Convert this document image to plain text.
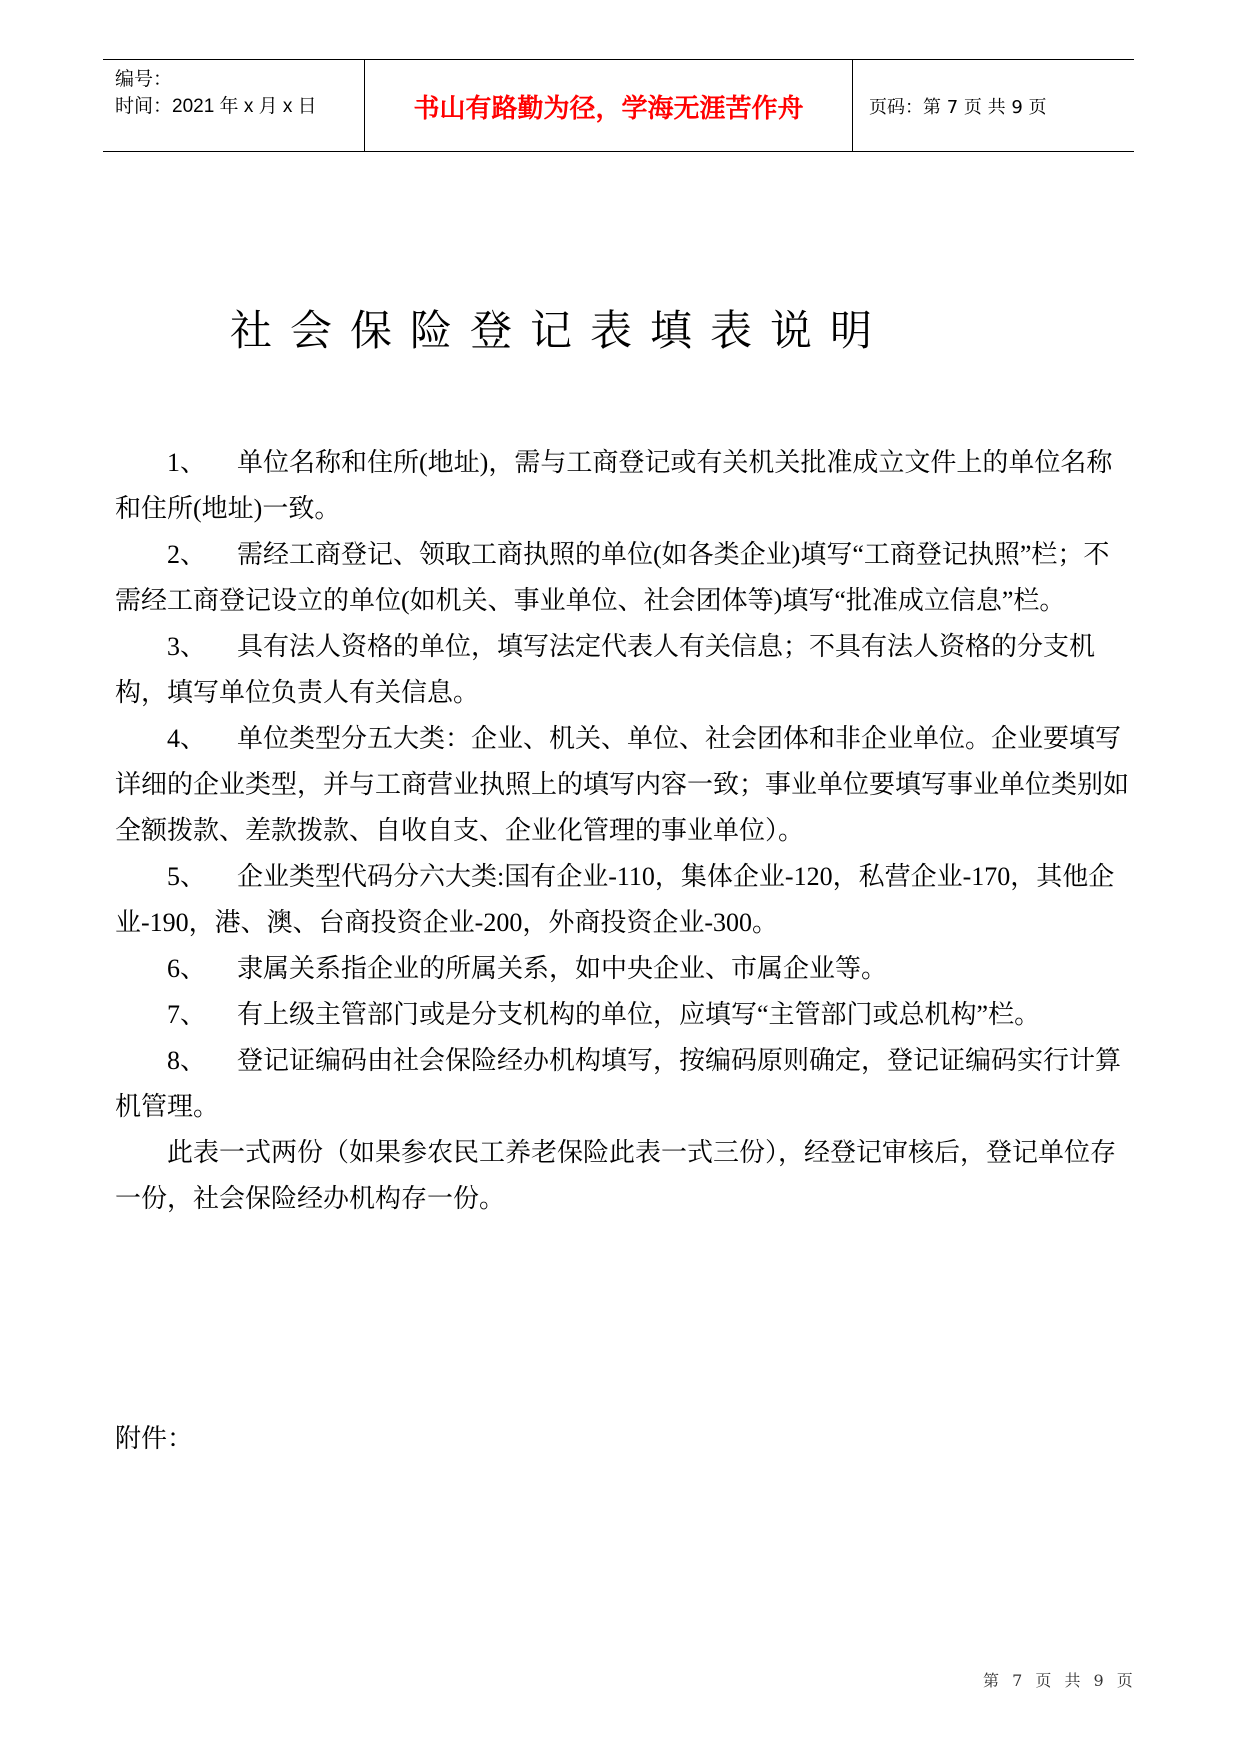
编号：
时间：2021 年 x 月 x 日	书山有路勤为径，学海无涯苦作舟	页码：第 7 页 共 9 页
社会保险登记表填表说明

1、 单位名称和住所(地址)，需与工商登记或有关机关批准成立文件上的单位名称和住所(地址)一致。

2、 需经工商登记、领取工商执照的单位(如各类企业)填写“工商登记执照”栏；不需经工商登记设立的单位(如机关、事业单位、社会团体等)填写“批准成立信息”栏。

3、 具有法人资格的单位，填写法定代表人有关信息；不具有法人资格的分支机构，填写单位负责人有关信息。

4、 单位类型分五大类：企业、机关、单位、社会团体和非企业单位。企业要填写详细的企业类型，并与工商营业执照上的填写内容一致；事业单位要填写事业单位类别如全额拨款、差款拨款、自收自支、企业化管理的事业单位）。

5、 企业类型代码分六大类:国有企业-110，集体企业-120，私营企业-170，其他企业-190，港、澳、台商投资企业-200，外商投资企业-300。

6、 隶属关系指企业的所属关系，如中央企业、市属企业等。

7、 有上级主管部门或是分支机构的单位，应填写“主管部门或总机构”栏。

8、 登记证编码由社会保险经办机构填写，按编码原则确定，登记证编码实行计算机管理。

此表一式两份（如果参农民工养老保险此表一式三份），经登记审核后，登记单位存一份，社会保险经办机构存一份。

附件：
第 7 页 共 9 页
